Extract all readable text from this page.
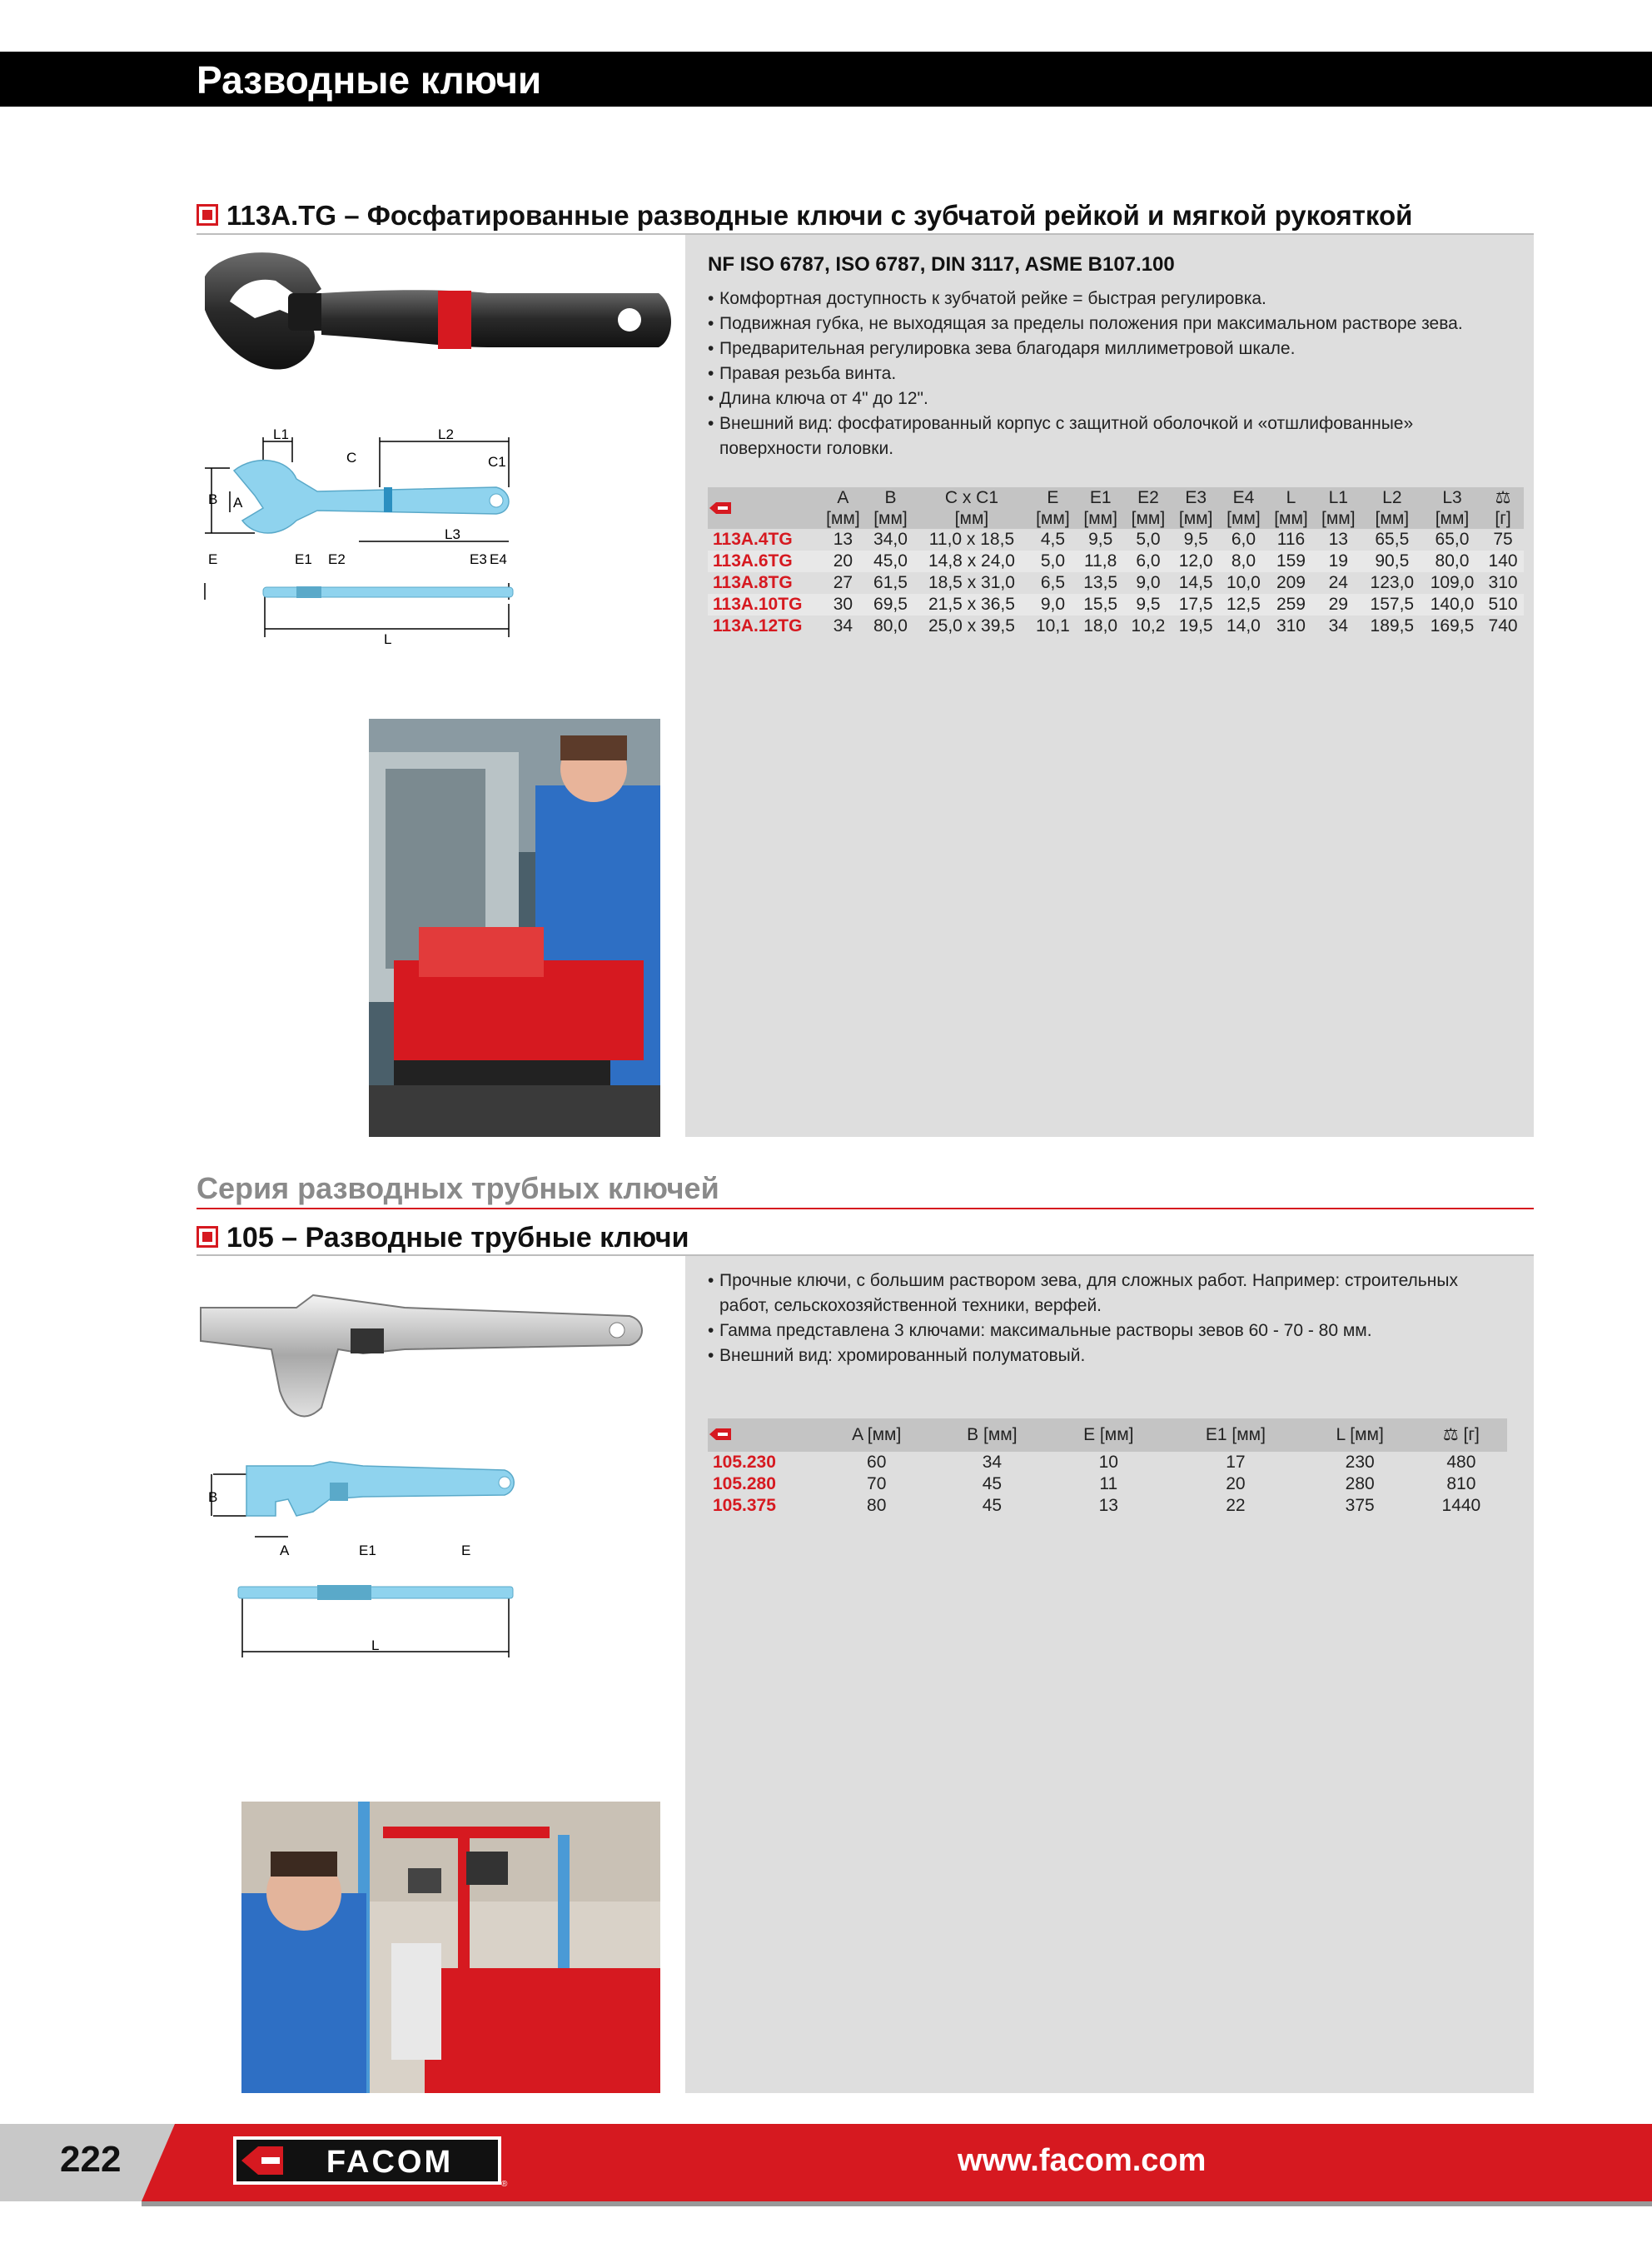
Разводные ключи
113A.TG – Фосфатированные разводные ключи с зубчатой рейкой и мягкой рукояткой
L1	L2
C	C1
B A
L3
E	E1 E2	E3 E4
L
NF ISO 6787, ISO 6787, DIN 3117, ASME B107.100
• Комфортная доступность к зубчатой рейке = быстрая регулировка.
• Подвижная губка, не выходящая за пределы положения при максимальном растворе зева.
• Предварительная регулировка зева благодаря миллиметровой шкале.
• Правая резьба винта.
• Длина ключа от 4" до 12".
• Внешний вид: фосфатированный корпус с защитной оболочкой и «отшлифованные» поверхности головки.
	A	B	C x C1	E	E1	E2	E3	E4	L	L1	L2	L3	⚖
	[мм]	[мм]	[мм]	[мм]	[мм]	[мм]	[мм]	[мм]	[мм]	[мм]	[мм]	[мм]	[г]
113A.4TG	13	34,0	11,0 x 18,5	4,5	9,5	5,0	9,5	6,0	116	13	65,5	65,0	75
113A.6TG	20	45,0	14,8 x 24,0	5,0	11,8	6,0	12,0	8,0	159	19	90,5	80,0	140
113A.8TG	27	61,5	18,5 x 31,0	6,5	13,5	9,0	14,5	10,0	209	24	123,0	109,0	310
113A.10TG	30	69,5	21,5 x 36,5	9,0	15,5	9,5	17,5	12,5	259	29	157,5	140,0	510
113A.12TG	34	80,0	25,0 x 39,5	10,1	18,0	10,2	19,5	14,0	310	34	189,5	169,5	740
Серия разводных трубных ключей
105 – Разводные трубные ключи
B
A	E1	E
L
• Прочные ключи, с большим раствором зева, для сложных работ. Например: строительных работ, сельскохозяйственной техники, верфей.
• Гамма представлена 3 ключами: максимальные растворы зевов 60 - 70 - 80 мм.
• Внешний вид: хромированный полуматовый.
	A [мм]	B [мм]	E [мм]	E1 [мм]	L [мм]	⚖ [г]
105.230	60	34	10	17	230	480
105.280	70	45	11	20	280	810
105.375	80	45	13	22	375	1440
222	FACOM
®
www.facom.com
